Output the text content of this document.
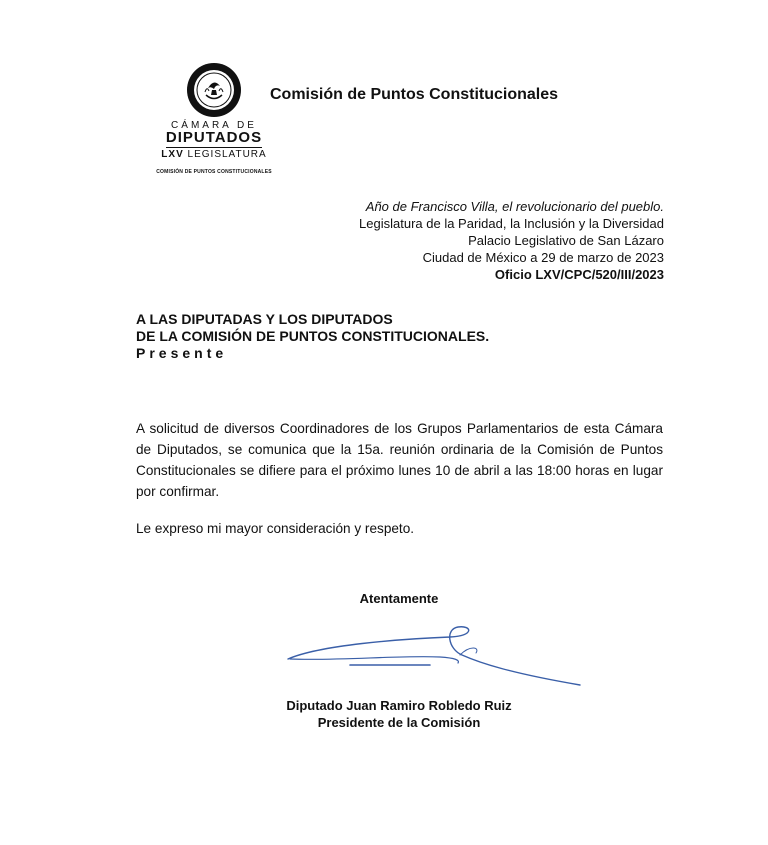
CÁMARA DE
DIPUTADOS
LXV LEGISLATURA
COMISIÓN DE PUNTOS CONSTITUCIONALES
Comisión de Puntos Constitucionales
Año de Francisco Villa, el revolucionario del pueblo.
Legislatura de la Paridad, la Inclusión y la Diversidad
Palacio Legislativo de San Lázaro
Ciudad de México a 29 de marzo de 2023
Oficio LXV/CPC/520/III/2023
A LAS DIPUTADAS Y LOS DIPUTADOS
DE LA COMISIÓN DE PUNTOS CONSTITUCIONALES.
Presente
A solicitud de diversos Coordinadores de los Grupos Parlamentarios de esta Cámara de Diputados, se comunica que la 15a. reunión ordinaria de la Comisión de Puntos Constitucionales se difiere para el próximo lunes 10 de abril a las 18:00 horas en lugar por confirmar.
Le expreso mi mayor consideración y respeto.
Atentamente
Diputado Juan Ramiro Robledo Ruiz
Presidente de la Comisión
